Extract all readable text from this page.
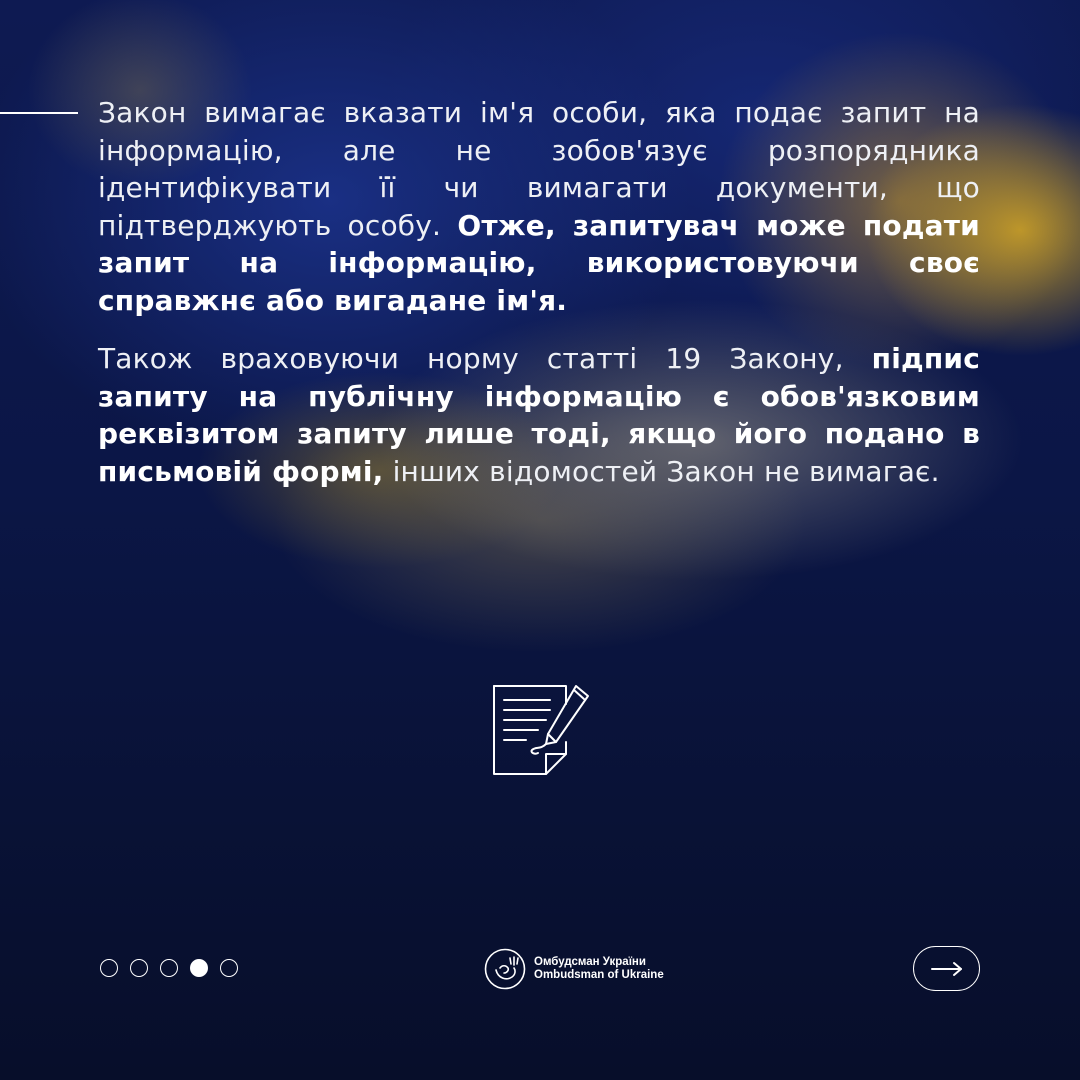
Закон вимагає вказати ім'я особи, яка подає запит на інформацію, але не зобов'язує розпорядника ідентифікувати її чи вимагати документи, що підтверджують особу. Отже, запитувач може подати запит на інформацію, використовуючи своє справжнє або вигадане ім'я.
Також враховуючи норму статті 19 Закону, підпис запиту на публічну інформацію є обов'язковим реквізитом запиту лише тоді, якщо його подано в письмовій формі, інших відомостей Закон не вимагає.
Омбудсман України
Ombudsman of Ukraine
